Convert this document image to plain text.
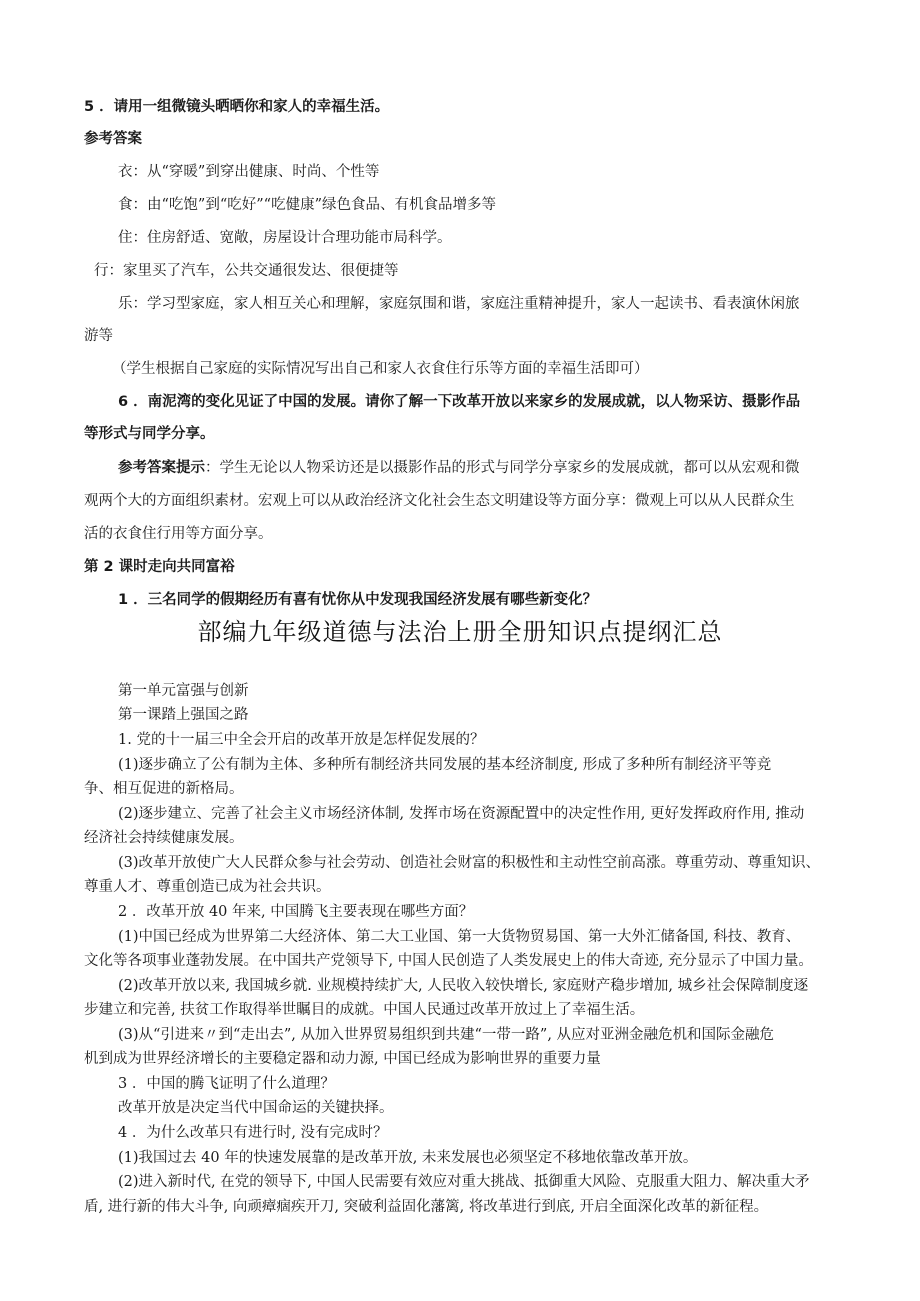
5 ．请用一组微镜头晒晒你和家人的幸福生活。

参考答案

衣：从“穿暖”到穿出健康、时尚、个性等

食：由“吃饱”到“吃好”“吃健康”绿色食品、有机食品增多等

住：住房舒适、宽敞，房屋设计合理功能市局科学。

行：家里买了汽车，公共交通很发达、很便捷等

乐：学习型家庭，家人相互关心和理解，家庭氛围和谐，家庭注重精神提升，家人一起读书、看表演休闲旅

游等

（学生根据自己家庭的实际情况写出自己和家人衣食住行乐等方面的幸福生活即可）

6 ．南泥湾的变化见证了中国的发展。请你了解一下改革开放以来家乡的发展成就，以人物采访、摄影作品

等形式与同学分享。

参考答案提示：学生无论以人物采访还是以摄影作品的形式与同学分享家乡的发展成就，都可以从宏观和微

观两个大的方面组织素材。宏观上可以从政治经济文化社会生态文明建设等方面分享：微观上可以从人民群众生

活的衣食住行用等方面分享。

第 2 课时走向共同富裕

1 ．三名同学的假期经历有喜有忧你从中发现我国经济发展有哪些新变化？

部编九年级道德与法治上册全册知识点提纲汇总

第一单元富强与创新

第一课踏上强国之路

1. 党的十一届三中全会开启的改革开放是怎样促发展的？

(1)逐步确立了公有制为主体、多种所有制经济共同发展的基本经济制度, 形成了多种所有制经济平等竞

争、相互促进的新格局。

(2)逐步建立、完善了社会主义市场经济体制, 发挥市场在资源配置中的决定性作用, 更好发挥政府作用, 推动

经济社会持续健康发展。

(3)改革开放使广大人民群众参与社会劳动、创造社会财富的积极性和主动性空前高涨。尊重劳动、尊重知识、

尊重人才、尊重创造已成为社会共识。

2 ．改革开放 40 年来, 中国腾飞主要表现在哪些方面？

(1)中国已经成为世界第二大经济体、第二大工业国、第一大货物贸易国、第一大外汇储备国, 科技、教育、

文化等各项事业蓬勃发展。在中国共产党领导下, 中国人民创造了人类发展史上的伟大奇迹, 充分显示了中国力量。

(2)改革开放以来, 我国城乡就. 业规模持续扩大, 人民收入较快增长, 家庭财产稳步增加, 城乡社会保障制度逐

步建立和完善, 扶贫工作取得举世瞩目的成就。中国人民通过改革开放过上了幸福生活。

(3)从“引进来〃到“走出去”, 从加入世界贸易组织到共建“一带一路”, 从应对亚洲金融危机和国际金融危

机到成为世界经济增长的主要稳定器和动力源, 中国已经成为影响世界的重要力量

3 ．中国的腾飞证明了什么道理？

改革开放是决定当代中国命运的关键抉择。

4 ．为什么改革只有进行时, 没有完成时？

(1)我国过去 40 年的快速发展靠的是改革开放, 未来发展也必须坚定不移地依靠改革开放。

(2)进入新时代, 在党的领导下, 中国人民需要有效应对重大挑战、抵御重大风险、克服重大阻力、解决重大矛

盾, 进行新的伟大斗争, 向顽瘴痼疾开刀, 突破利益固化藩篱, 将改革进行到底, 开启全面深化改革的新征程。
